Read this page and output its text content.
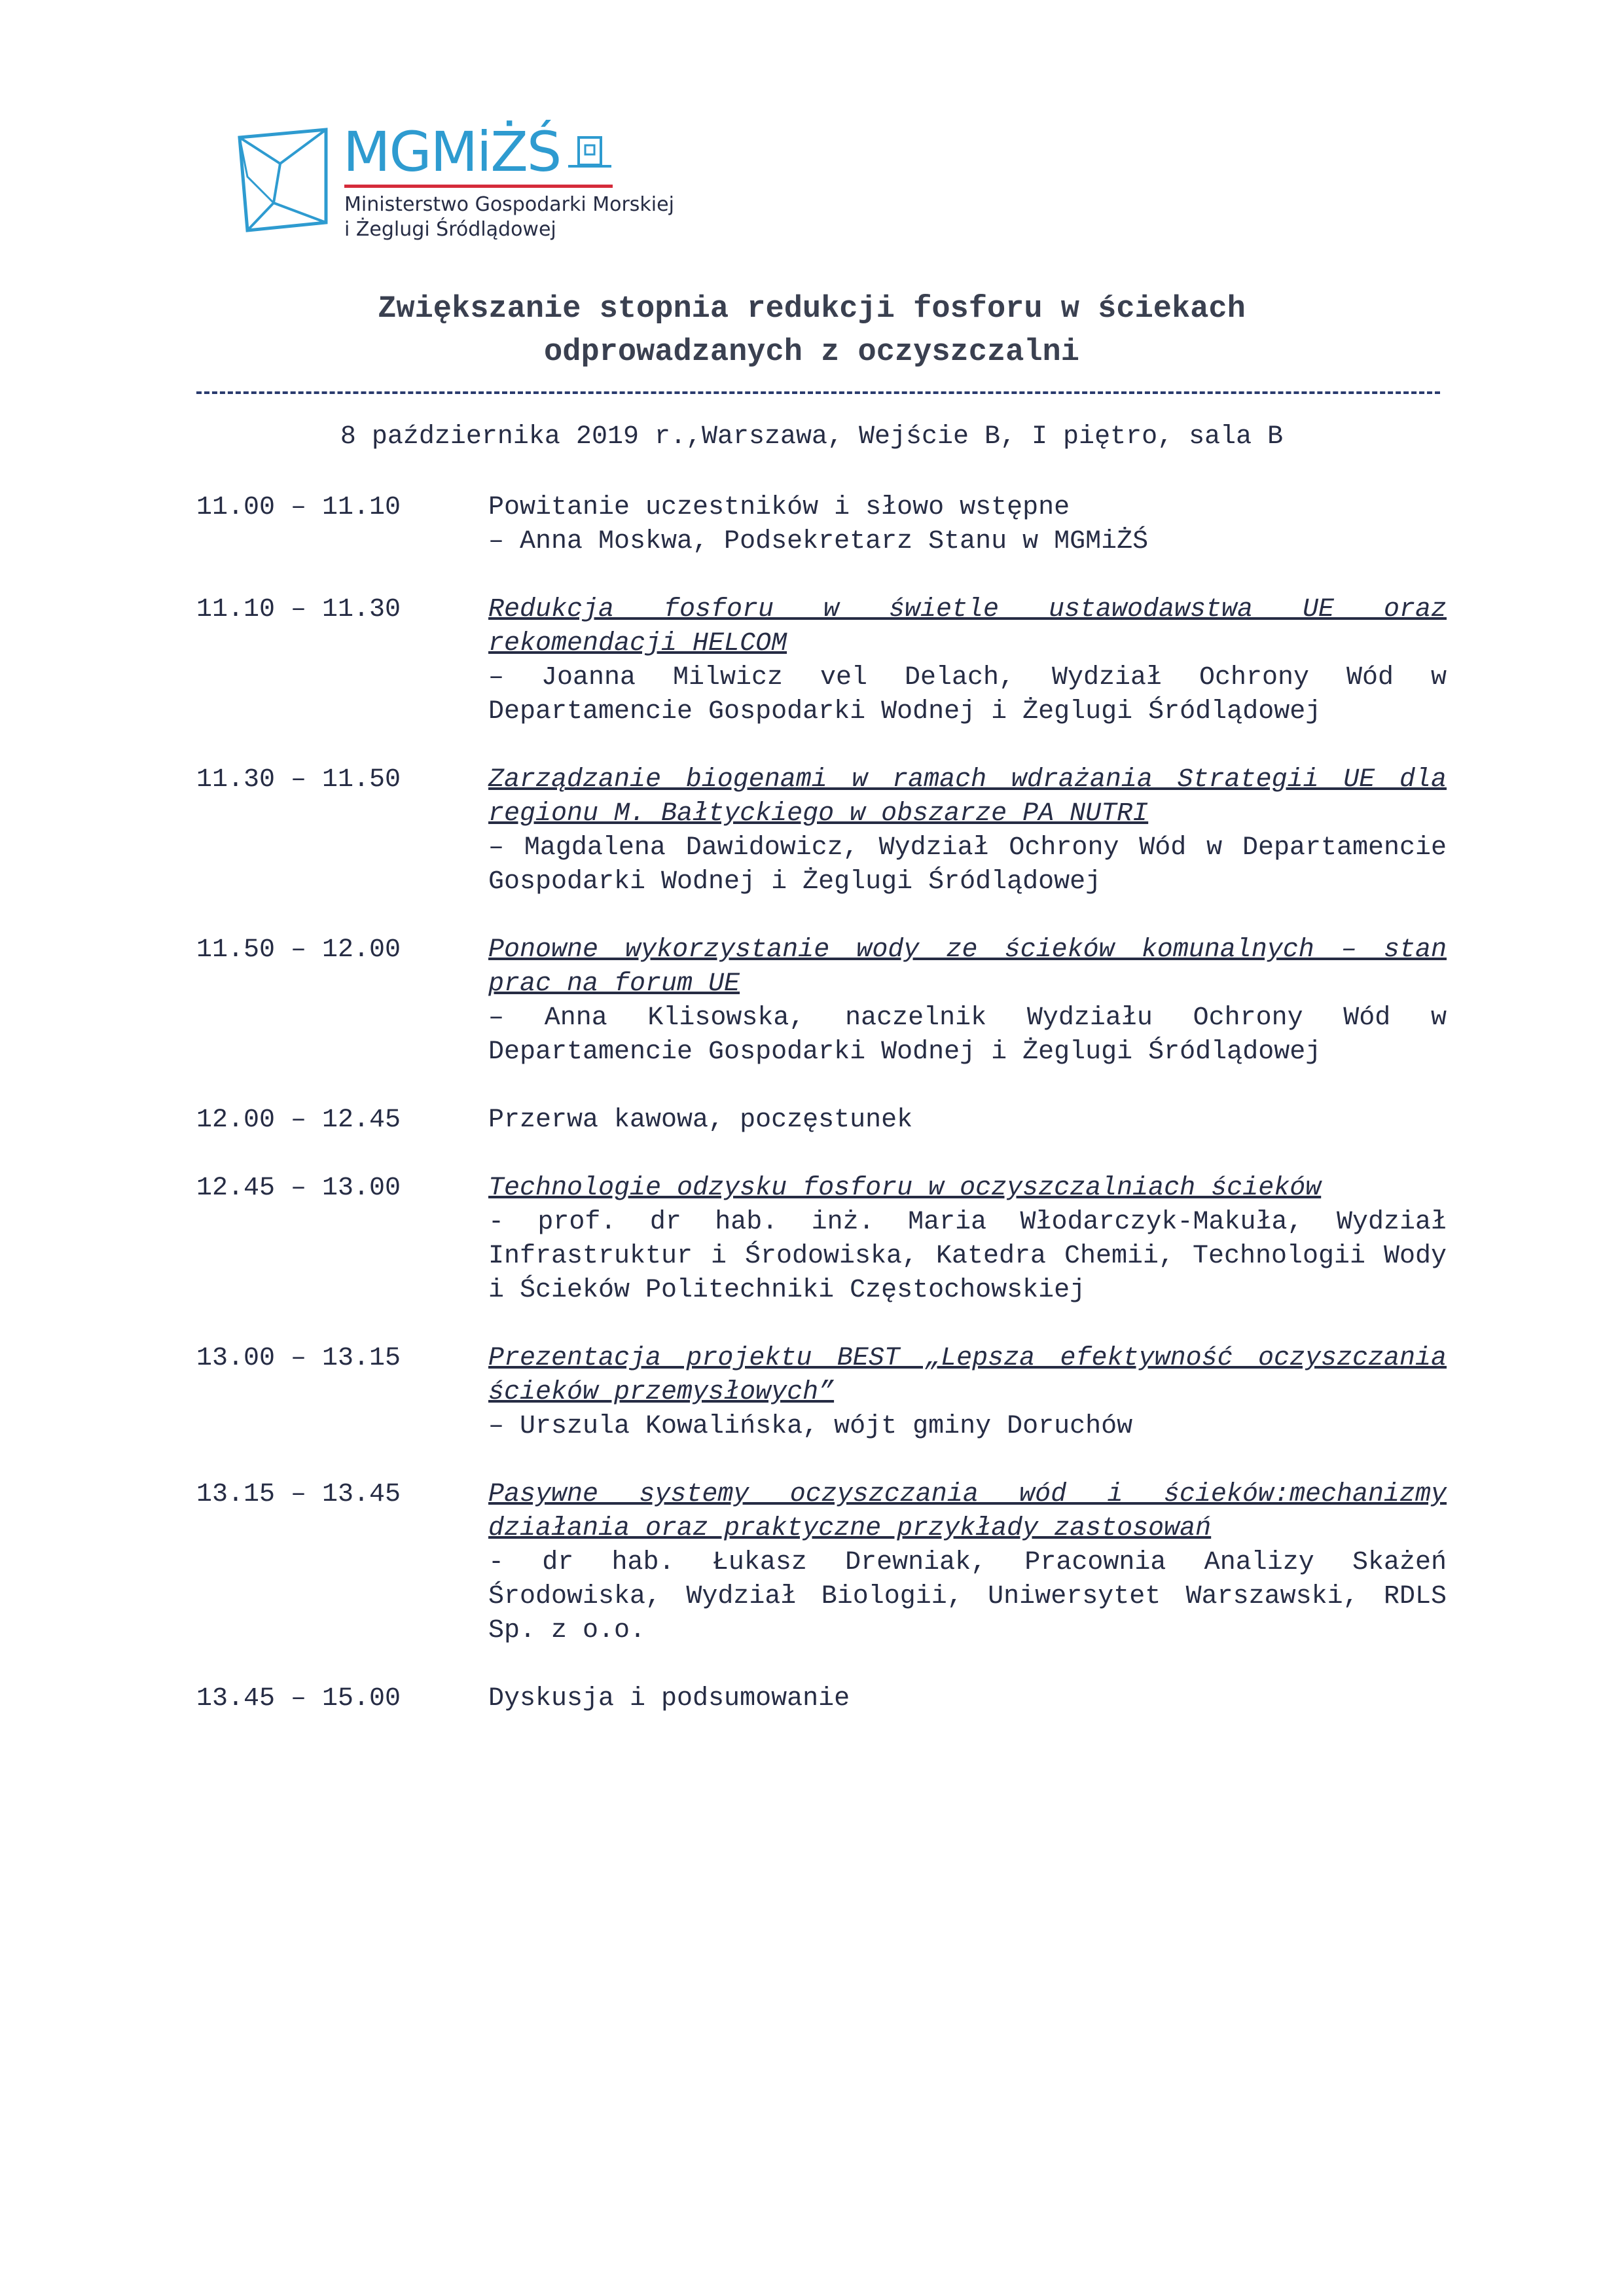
MGMiŻŚ
Ministerstwo Gospodarki Morskiej
i Żeglugi Śródlądowej
Zwiększanie stopnia redukcji fosforu w ściekach
odprowadzanych z oczyszczalni
8 października 2019 r.,Warszawa, Wejście B, I piętro, sala B
11.00 – 11.10	Powitanie uczestników i słowo wstępne

– Anna Moskwa, Podsekretarz Stanu w MGMiŻŚ

11.10 – 11.30	Redukcja fosforu w świetle ustawodawstwa UE oraz rekomendacji HELCOM

– Joanna Milwicz vel Delach, Wydział Ochrony Wód w Departamencie Gospodarki Wodnej i Żeglugi Śródlądowej

11.30 – 11.50	Zarządzanie biogenami w ramach wdrażania Strategii UE dla regionu M. Bałtyckiego w obszarze PA NUTRI

– Magdalena Dawidowicz, Wydział Ochrony Wód w Departamencie Gospodarki Wodnej i Żeglugi Śródlądowej

11.50 – 12.00	Ponowne wykorzystanie wody ze ścieków komunalnych – stan prac na forum UE

– Anna Klisowska, naczelnik Wydziału Ochrony Wód w Departamencie Gospodarki Wodnej i Żeglugi Śródlądowej

12.00 – 12.45	Przerwa kawowa, poczęstunek

12.45 – 13.00	Technologie odzysku fosforu w oczyszczalniach ścieków

- prof. dr hab. inż. Maria Włodarczyk-Makuła, Wydział Infrastruktur i Środowiska, Katedra Chemii, Technologii Wody i Ścieków Politechniki Częstochowskiej

13.00 – 13.15	Prezentacja projektu BEST „Lepsza efektywność oczyszczania ścieków przemysłowych”

– Urszula Kowalińska, wójt gminy Doruchów

13.15 – 13.45	Pasywne systemy oczyszczania wód i ścieków:mechanizmy działania oraz praktyczne przykłady zastosowań

- dr hab. Łukasz Drewniak, Pracownia Analizy Skażeń Środowiska, Wydział Biologii, Uniwersytet Warszawski, RDLS Sp. z o.o.

13.45 – 15.00	Dyskusja i podsumowanie
